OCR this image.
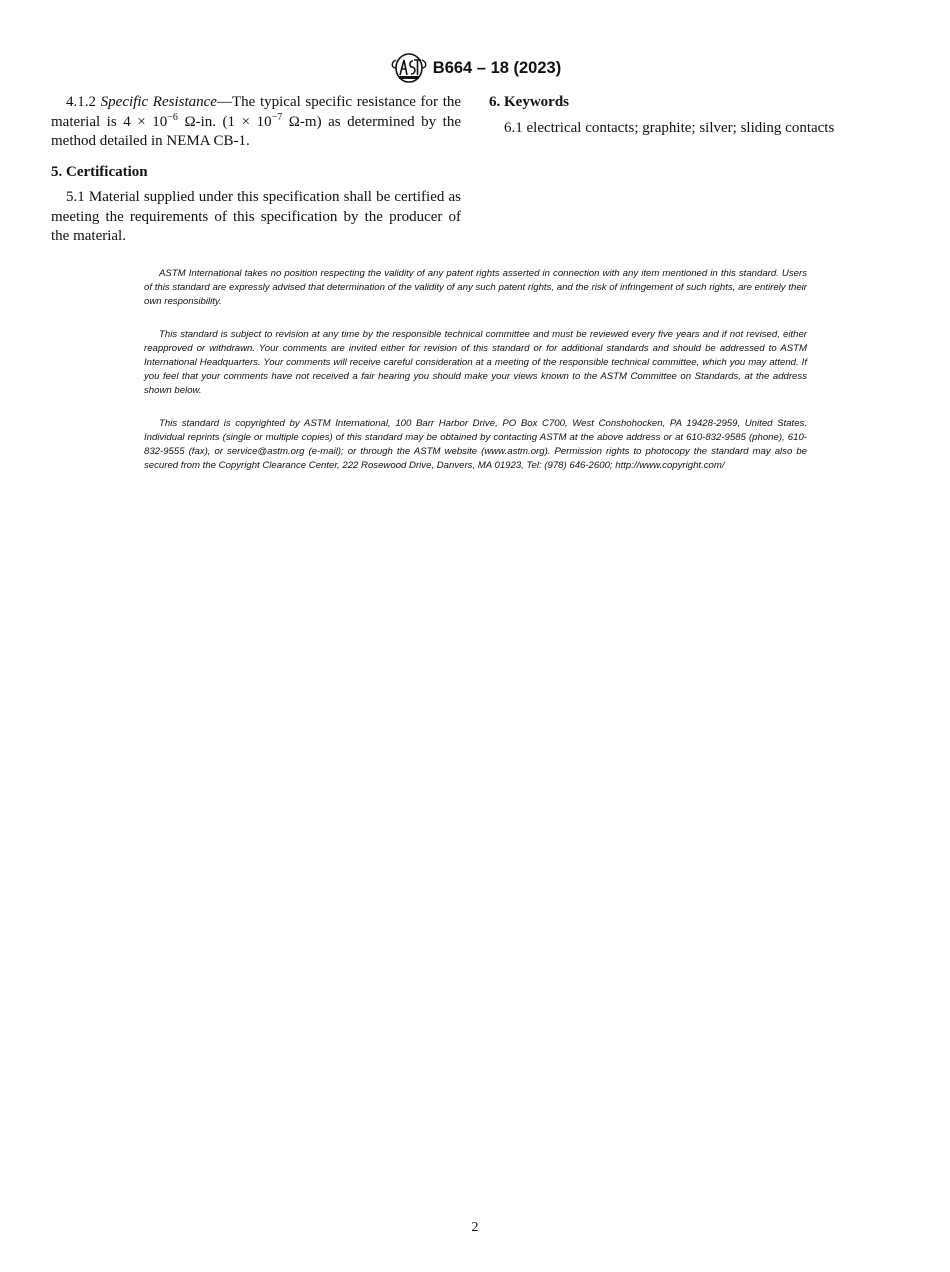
B664 – 18 (2023)

4.1.2 Specific Resistance—The typical specific resistance for the material is $4 \times 10^{-6}$ Ω-in. ($1 \times 10^{-7}$ Ω-m) as determined by the method detailed in NEMA CB-1.

5. Certification

5.1 Material supplied under this specification shall be certified as meeting the requirements of this specification by the producer of the material.

6. Keywords

6.1 electrical contacts; graphite; silver; sliding contacts

ASTM International takes no position respecting the validity of any patent rights asserted in connection with any item mentioned in this standard. Users of this standard are expressly advised that determination of the validity of any such patent rights, and the risk of infringement of such rights, are entirely their own responsibility.

This standard is subject to revision at any time by the responsible technical committee and must be reviewed every five years and if not revised, either reapproved or withdrawn. Your comments are invited either for revision of this standard or for additional standards and should be addressed to ASTM International Headquarters. Your comments will receive careful consideration at a meeting of the responsible technical committee, which you may attend. If you feel that your comments have not received a fair hearing you should make your views known to the ASTM Committee on Standards, at the address shown below.

This standard is copyrighted by ASTM International, 100 Barr Harbor Drive, PO Box C700, West Conshohocken, PA 19428-2959, United States. Individual reprints (single or multiple copies) of this standard may be obtained by contacting ASTM at the above address or at 610-832-9585 (phone), 610-832-9555 (fax), or service@astm.org (e-mail); or through the ASTM website (www.astm.org). Permission rights to photocopy the standard may also be secured from the Copyright Clearance Center, 222 Rosewood Drive, Danvers, MA 01923, Tel: (978) 646-2600; http://www.copyright.com/

2
